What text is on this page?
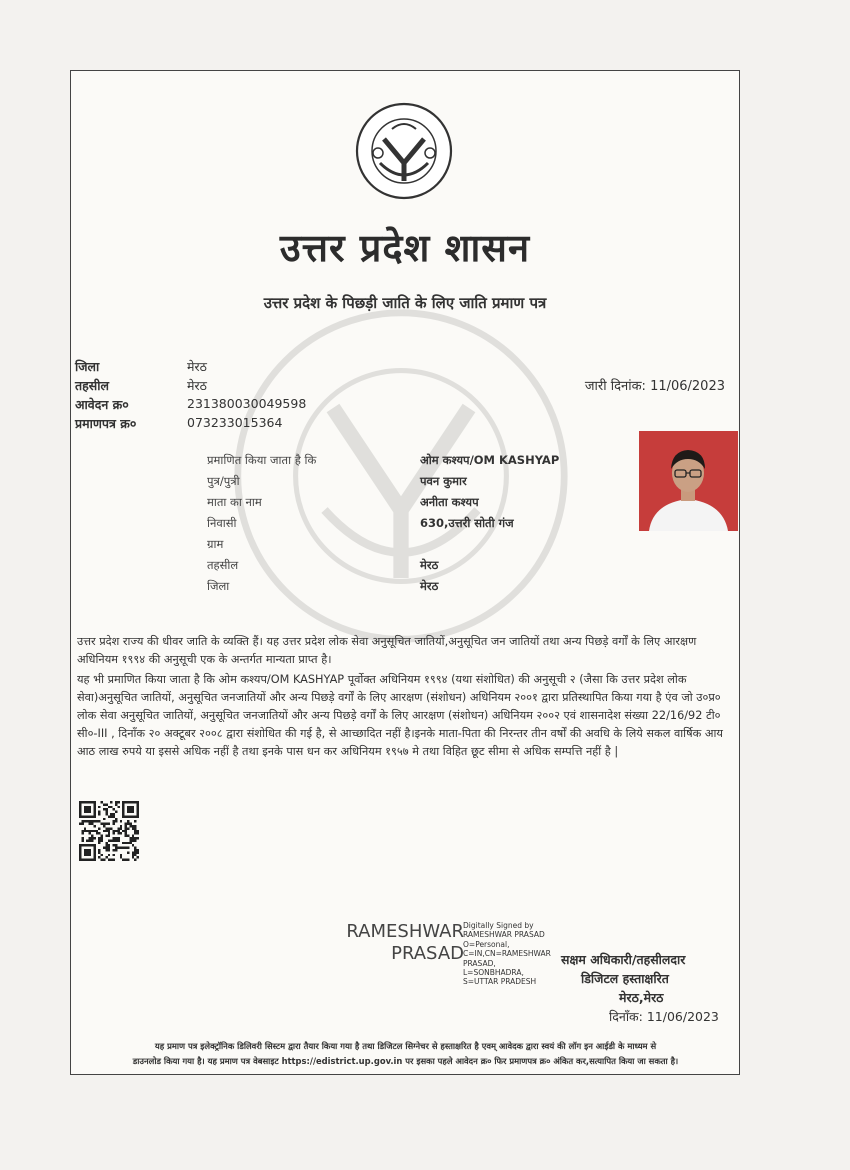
उत्तर प्रदेश शासन
उत्तर प्रदेश के पिछड़ी जाति के लिए जाति प्रमाण पत्र
जिला	मेरठ
तहसील	मेरठ
आवेदन क्र०	231380030049598
प्रमाणपत्र क्र०	073233015364
जारी दिनांक: 11/06/2023
प्रमाणित किया जाता है कि	ओम कश्यप/OM KASHYAP
पुत्र/पुत्री	पवन कुमार
माता का नाम	अनीता कश्यप
निवासी	630,उत्तरी सोती गंज
ग्राम
तहसील	मेरठ
जिला	मेरठ
उत्तर प्रदेश राज्य की धीवर जाति के व्यक्ति हैं। यह उत्तर प्रदेश लोक सेवा अनुसूचित जातियों,अनुसूचित जन जातियों तथा अन्य पिछड़े वर्गों के लिए आरक्षण अधिनियम १९९४ की अनुसूची एक के अन्तर्गत मान्यता प्राप्त है।
यह भी प्रमाणित किया जाता है कि ओम कश्यप/OM KASHYAP पूर्वोक्त अधिनियम १९९४ (यथा संशोधित) की अनुसूची २ (जैसा कि उत्तर प्रदेश लोक सेवा)अनुसूचित जातियों, अनुसूचित जनजातियों और अन्य पिछड़े वर्गों के लिए आरक्षण (संशोधन) अधिनियम २००१ द्वारा प्रतिस्थापित किया गया है एंव जो उ०प्र० लोक सेवा अनुसूचित जातियों, अनुसूचित जनजातियों और अन्य पिछड़े वर्गों के लिए आरक्षण (संशोधन) अधिनियम २००२ एवं शासनादेश संख्या 22/16/92 टी० सी०-III , दिनाँक २० अक्टूबर २००८ द्वारा संशोधित की गई है, से आच्छादित नहीं है।इनके माता-पिता की निरन्तर तीन वर्षों की अवधि के लिये सकल वार्षिक आय आठ लाख रुपये या इससे अधिक नहीं है तथा इनके पास धन कर अधिनियम १९५७ मे तथा विहित छूट सीमा से अधिक सम्पत्ति नहीं है |
RAMESHWAR
PRASAD
Digitally Signed by
RAMESHWAR PRASAD
O=Personal,
C=IN,CN=RAMESHWAR
PRASAD,
L=SONBHADRA,
S=UTTAR PRADESH
सक्षम अधिकारी/तहसीलदार
डिजिटल हस्ताक्षरित
मेरठ,मेरठ
दिनाँक: 11/06/2023
यह प्रमाण पत्र इलेक्ट्रॉनिक डिलिवरी सिस्टम द्वारा तैयार किया गया है तथा डिजिटल सिग्नेचर से हस्ताक्षरित है एवम् आवेदक द्वारा स्वयं की लॉग इन आईडी के माध्यम से
डाउनलोड किया गया है। यह प्रमाण पत्र वेबसाइट https://edistrict.up.gov.in पर इसका पहले आवेदन क्र० फिर प्रमाणपत्र क्र० अंकित कर,सत्यापित किया जा सकता है।
